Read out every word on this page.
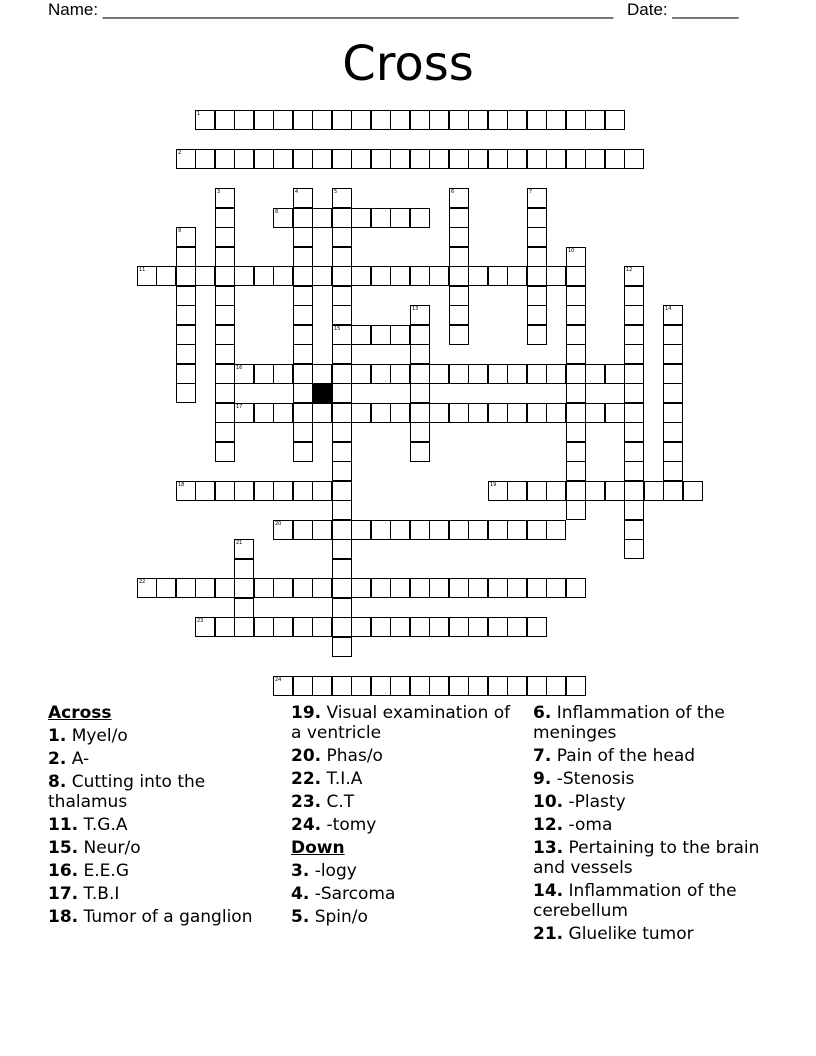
Name: ______________________________________________________ Date: _______
Cross
1
2
8
11
15
16
17
18	19
20
22
23
24
3	4	5	6	7
9
10
12
13	14
21
Across
1. Myel/o
2. A-
8. Cutting into the thalamus
11. T.G.A
15. Neur/o
16. E.E.G
17. T.B.I
18. Tumor of a ganglion
19. Visual examination of a ventricle
20. Phas/o
22. T.I.A
23. C.T
24. -tomy
Down
3. -logy
4. -Sarcoma
5. Spin/o
6. Inflammation of the meninges
7. Pain of the head
9. -Stenosis
10. -Plasty
12. -oma
13. Pertaining to the brain and vessels
14. Inflammation of the cerebellum
21. Gluelike tumor
